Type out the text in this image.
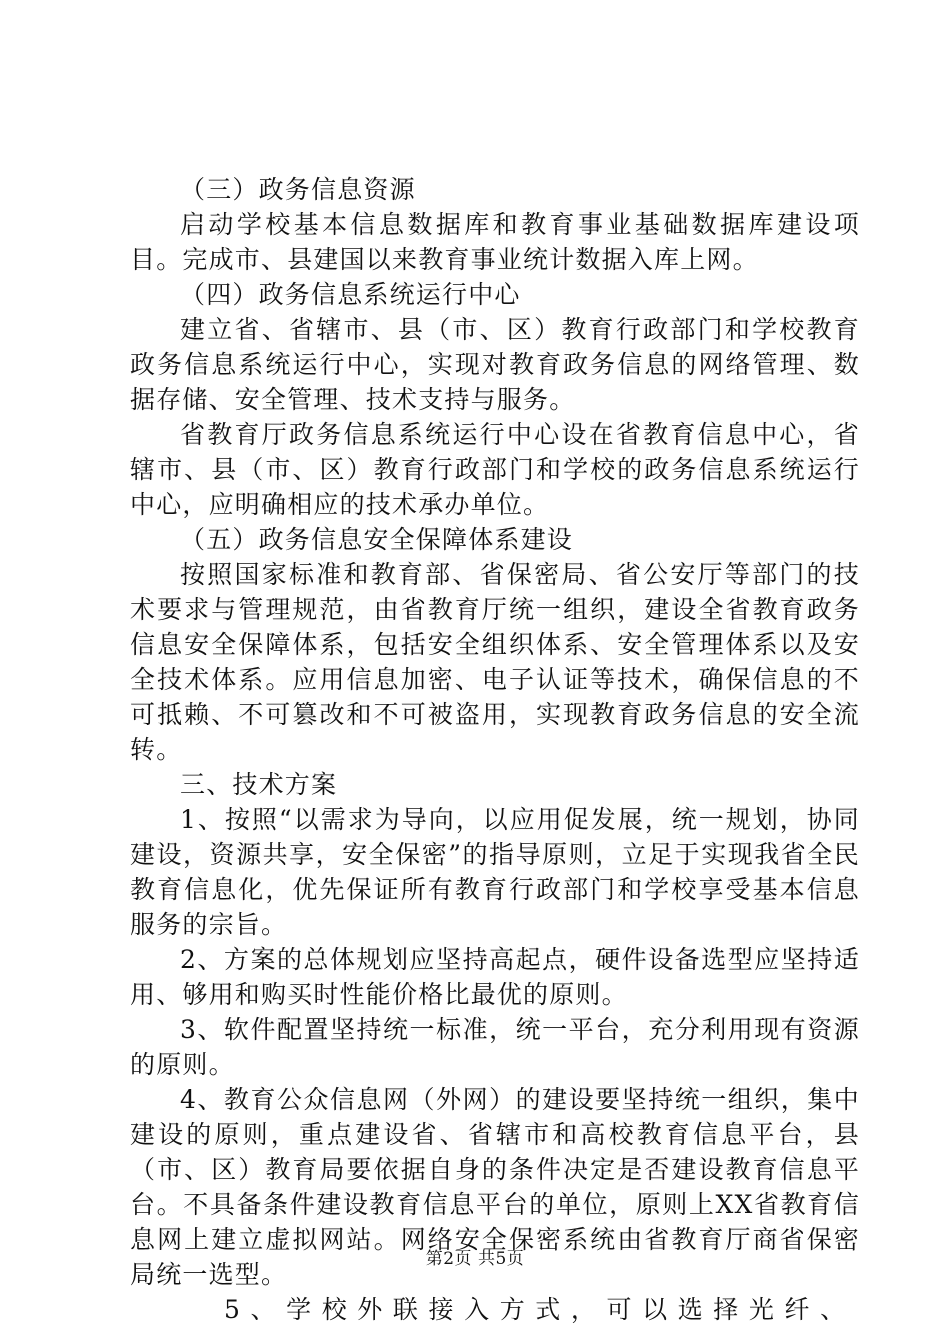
（三）政务信息资源

启动学校基本信息数据库和教育事业基础数据库建设项目。完成市、县建国以来教育事业统计数据入库上网。

（四）政务信息系统运行中心

建立省、省辖市、县（市、区）教育行政部门和学校教育政务信息系统运行中心，实现对教育政务信息的网络管理、数据存储、安全管理、技术支持与服务。

省教育厅政务信息系统运行中心设在省教育信息中心，省辖市、县（市、区）教育行政部门和学校的政务信息系统运行中心，应明确相应的技术承办单位。

（五）政务信息安全保障体系建设

按照国家标准和教育部、省保密局、省公安厅等部门的技术要求与管理规范，由省教育厅统一组织，建设全省教育政务信息安全保障体系，包括安全组织体系、安全管理体系以及安全技术体系。应用信息加密、电子认证等技术，确保信息的不可抵赖、不可篡改和不可被盗用，实现教育政务信息的安全流转。

三、技术方案

1、按照“以需求为导向，以应用促发展，统一规划，协同建设，资源共享，安全保密”的指导原则，立足于实现我省全民教育信息化，优先保证所有教育行政部门和学校享受基本信息服务的宗旨。

2、方案的总体规划应坚持高起点，硬件设备选型应坚持适用、够用和购买时性能价格比最优的原则。

3、软件配置坚持统一标准，统一平台，充分利用现有资源的原则。

4、教育公众信息网（外网）的建设要坚持统一组织，集中建设的原则，重点建设省、省辖市和高校教育信息平台，县（市、区）教育局要依据自身的条件决定是否建设教育信息平台。不具备条件建设教育信息平台的单位，原则上XX省教育信息网上建立虚拟网站。网络安全保密系统由省教育厅商省保密局统一选型。

5、学校外联接入方式，可以选择光纤、

第2页 共5页
